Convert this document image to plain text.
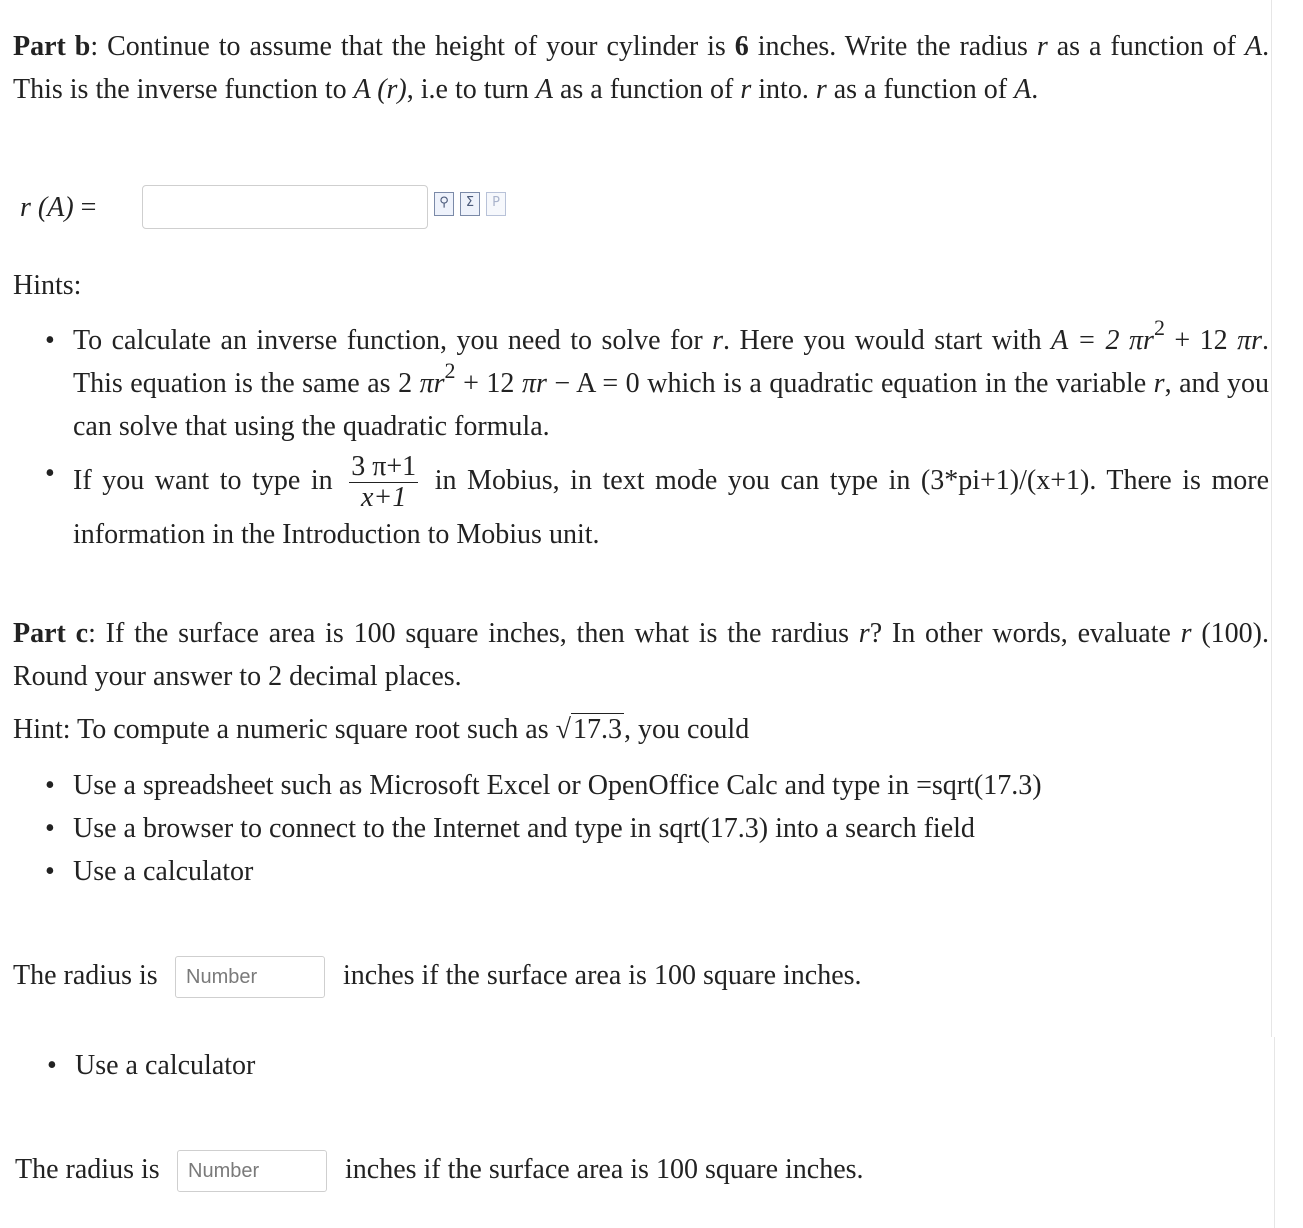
Part b: Continue to assume that the height of your cylinder is 6 inches. Write the radius r as a function of A. This is the inverse function to A (r), i.e to turn A as a function of r into. r as a function of A.
r (A) =	⚲	Σ	P
Hints:
• To calculate an inverse function, you need to solve for r. Here you would start with A = 2 $\pi r^2 + 12$ πr. This equation is the same as 2 $\pi r^2 + 12$ πr − A = 0 which is a quadratic equation in the variable r, and you can solve that using the quadratic formula.
• If you want to type in $\frac{3 \pi+1}{x+1}$ in Mobius, in text mode you can type in (3*pi+1)/(x+1). There is more information in the Introduction to Mobius unit.
Part c: If the surface area is 100 square inches, then what is the rardius r? In other words, evaluate r (100). Round your answer to 2 decimal places.
Hint: To compute a numeric square root such as √17.3, you could
• Use a spreadsheet such as Microsoft Excel or OpenOffice Calc and type in =sqrt(17.3)
• Use a browser to connect to the Internet and type in sqrt(17.3) into a search field
• Use a calculator
The radius is
Number	inches if the surface area is 100 square inches.
• Use a calculator
The radius is
Number	inches if the surface area is 100 square inches.
